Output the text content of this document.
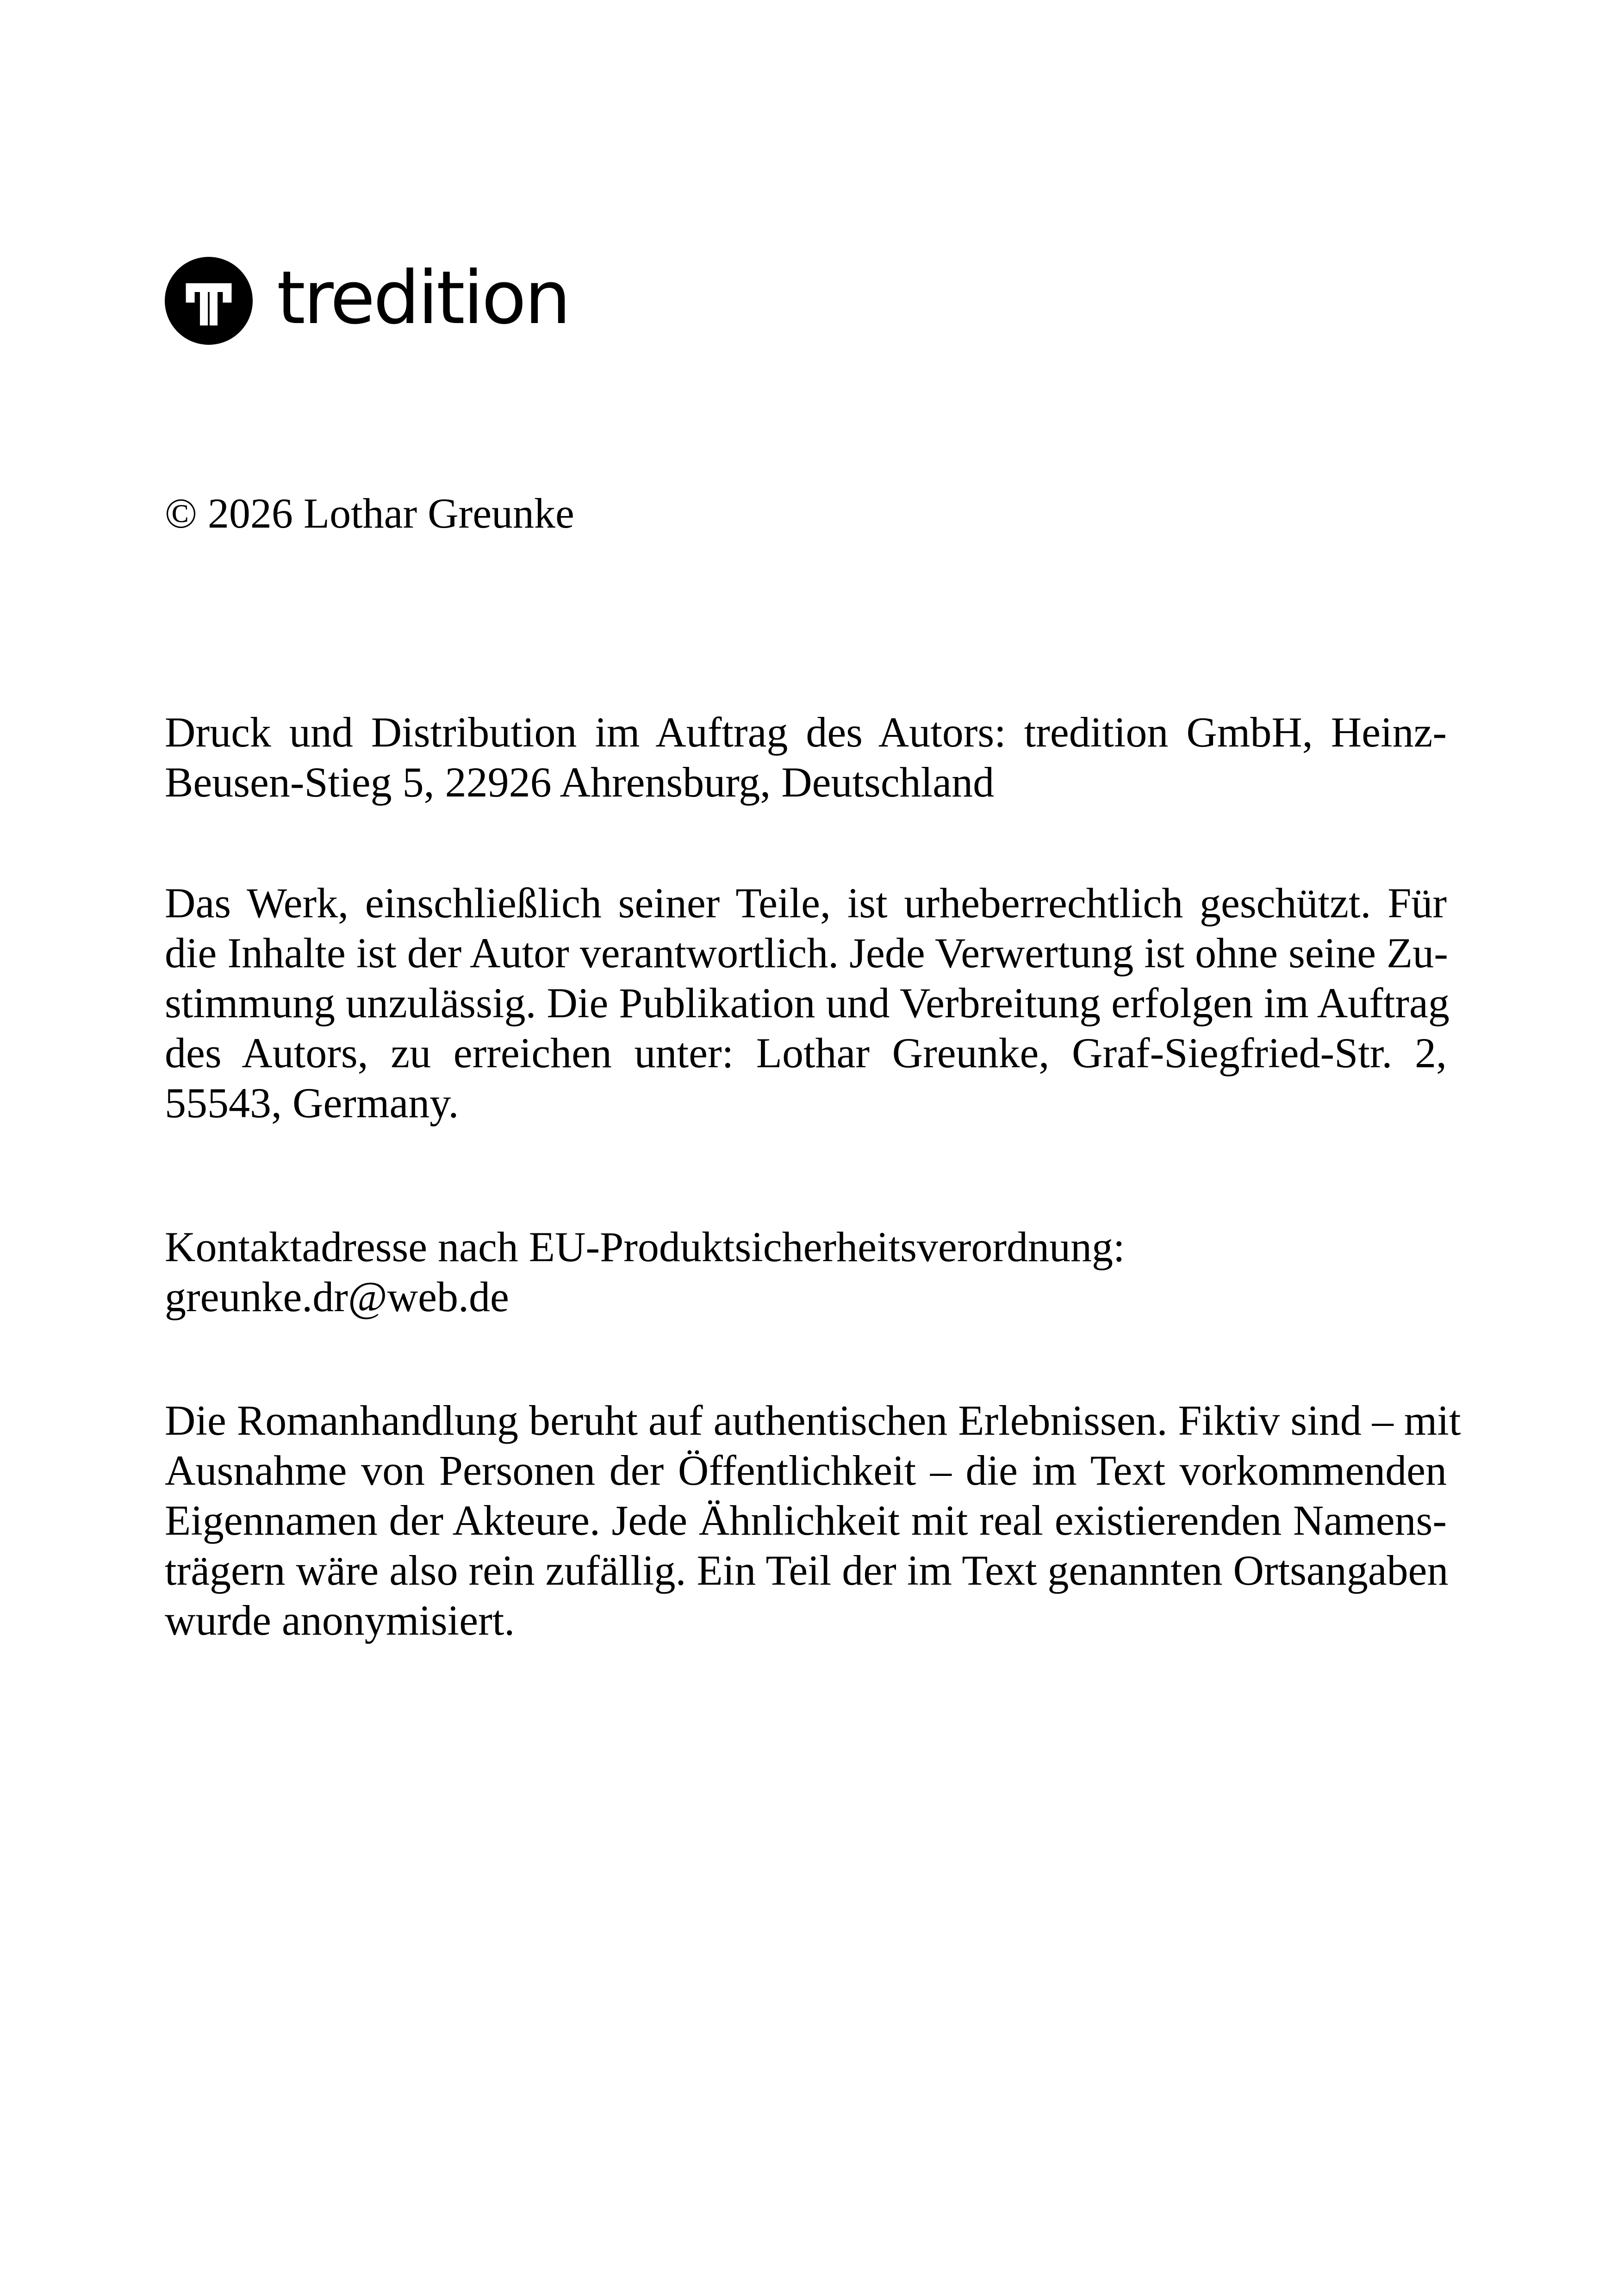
tredition

© 2026 Lothar Greunke

Druck und Distribution im Auftrag des Autors: tredition GmbH, Heinz-
Beusen-Stieg 5, 22926 Ahrensburg, Deutschland
Das Werk, einschließlich seiner Teile, ist urheberrechtlich geschützt. Für
die Inhalte ist der Autor verantwortlich. Jede Verwertung ist ohne seine Zu-
stimmung unzulässig. Die Publikation und Verbreitung erfolgen im Auftrag
des Autors, zu erreichen unter: Lothar Greunke, Graf-Siegfried-Str. 2,
55543, Germany.
Kontaktadresse nach EU-Produktsicherheitsverordnung:
greunke.dr@web.de
Die Romanhandlung beruht auf authentischen Erlebnissen. Fiktiv sind – mit
Ausnahme von Personen der Öffentlichkeit – die im Text vorkommenden
Eigennamen der Akteure. Jede Ähnlichkeit mit real existierenden Namens-
trägern wäre also rein zufällig. Ein Teil der im Text genannten Ortsangaben
wurde anonymisiert.
